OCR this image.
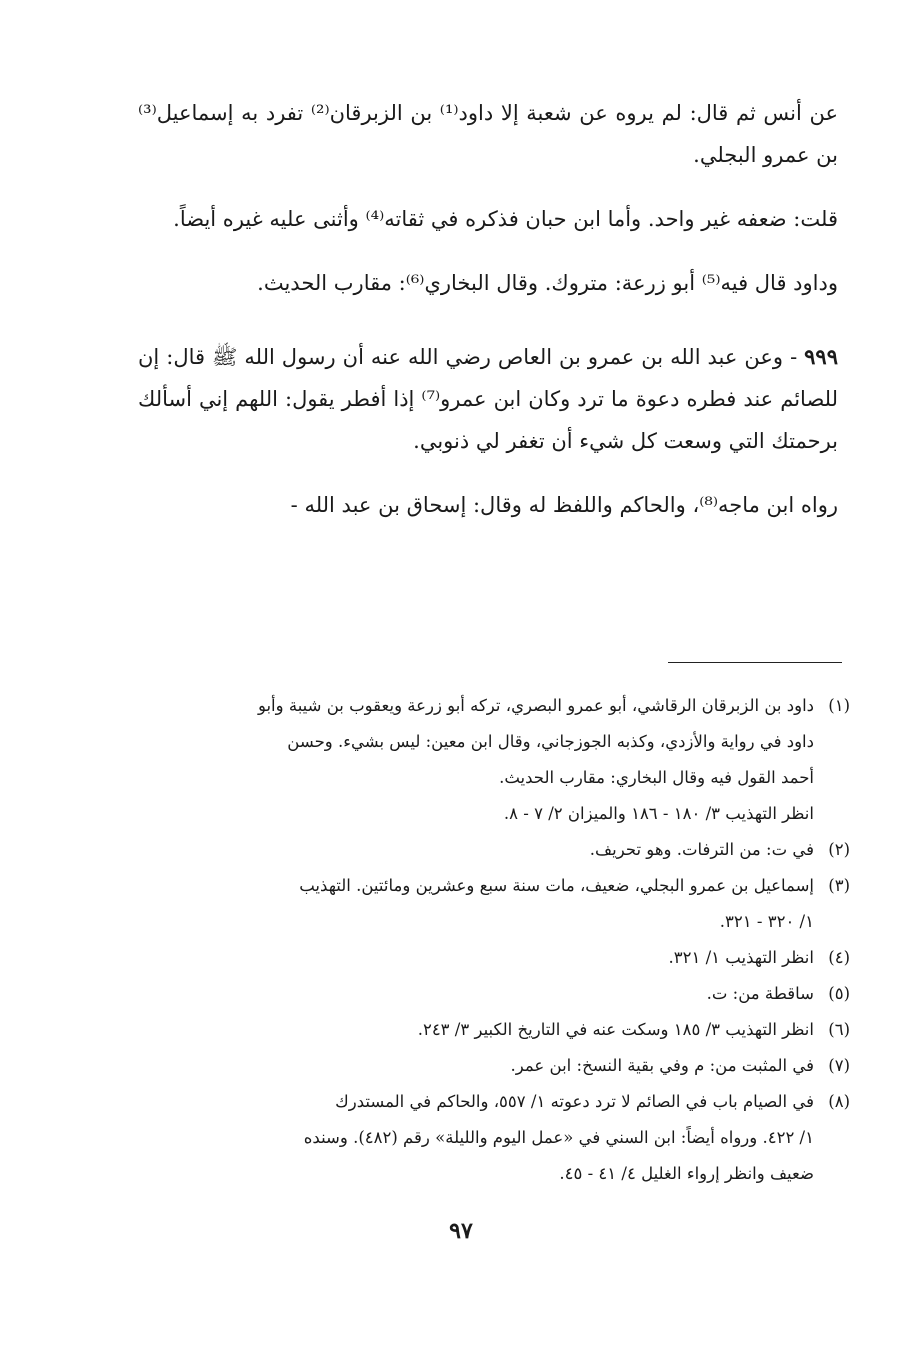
عن أنس ثم قال: لم يروه عن شعبة إلا داود⁽¹⁾ بن الزبرقان⁽²⁾ تفرد به إسماعيل⁽³⁾ بن عمرو البجلي.

قلت: ضعفه غير واحد. وأما ابن حبان فذكره في ثقاته⁽⁴⁾ وأثنى عليه غيره أيضاً.

وداود قال فيه⁽⁵⁾ أبو زرعة: متروك. وقال البخاري⁽⁶⁾: مقارب الحديث.

٩٩٩ - وعن عبد الله بن عمرو بن العاص رضي الله عنه أن رسول الله ﷺ قال: إن للصائم عند فطره دعوة ما ترد وكان ابن عمرو⁽⁷⁾ إذا أفطر يقول: اللهم إني أسألك برحمتك التي وسعت كل شيء أن تغفر لي ذنوبي.

رواه ابن ماجه⁽⁸⁾، والحاكم واللفظ له وقال: إسحاق بن عبد الله -

(١)
داود بن الزبرقان الرقاشي، أبو عمرو البصري، تركه أبو زرعة ويعقوب بن شيبة وأبو
داود في رواية والأزدي، وكذبه الجوزجاني، وقال ابن معين: ليس بشيء. وحسن
أحمد القول فيه وقال البخاري: مقارب الحديث.
انظر التهذيب ٣/ ١٨٠ - ١٨٦ والميزان ٢/ ٧ - ٨.
(٢)
في ت: من الترفات. وهو تحريف.
(٣)
إسماعيل بن عمرو البجلي، ضعيف، مات سنة سبع وعشرين ومائتين. التهذيب
١/ ٣٢٠ - ٣٢١.
(٤)
انظر التهذيب ١/ ٣٢١.
(٥)
ساقطة من: ت.
(٦)
انظر التهذيب ٣/ ١٨٥ وسكت عنه في التاريخ الكبير ٣/ ٢٤٣.
(٧)
في المثبت من: م وفي بقية النسخ: ابن عمر.
(٨)
في الصيام باب في الصائم لا ترد دعوته ١/ ٥٥٧، والحاكم في المستدرك
١/ ٤٢٢. ورواه أيضاً: ابن السني في «عمل اليوم والليلة» رقم (٤٨٢). وسنده
ضعيف وانظر إرواء الغليل ٤/ ٤١ - ٤٥.
٩٧
